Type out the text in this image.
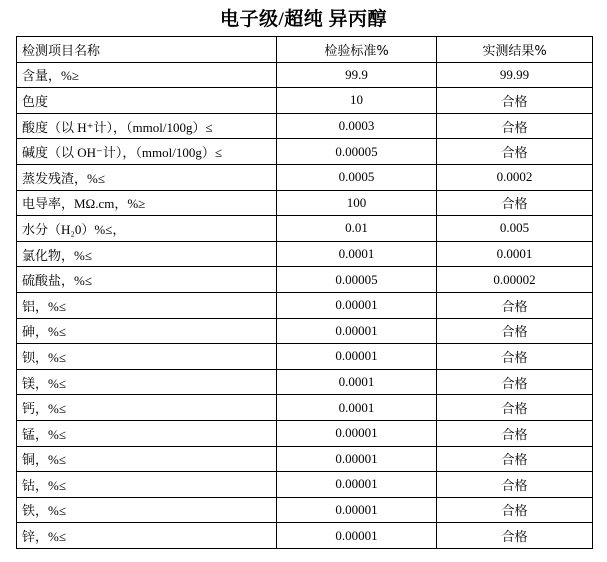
电子级/超纯 异丙醇
检测项目名称	检验标准%	实测结果%
含量，%≥	99.9	99.99
色度	10	合格
酸度（以 H⁺计），（mmol/100g）≤	0.0003	合格
碱度（以 OH⁻计），（mmol/100g）≤	0.00005	合格
蒸发残渣，%≤	0.0005	0.0002
电导率，MΩ.cm，%≥	100	合格
水分（H₂0）%≤，	0.01	0.005
氯化物，%≤	0.0001	0.0001
硫酸盐，%≤	0.00005	0.00002
铝，%≤	0.00001	合格
砷，%≤	0.00001	合格
钡，%≤	0.00001	合格
镁，%≤	0.0001	合格
钙，%≤	0.0001	合格
锰，%≤	0.00001	合格
铜，%≤	0.00001	合格
钴，%≤	0.00001	合格
铁，%≤	0.00001	合格
锌，%≤	0.00001	合格
